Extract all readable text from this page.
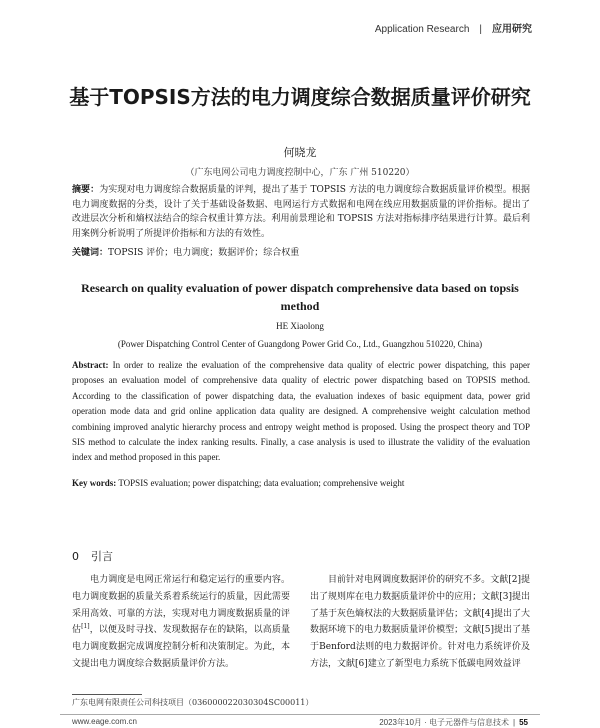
Application Research | 应用研究
基于TOPSIS方法的电力调度综合数据质量评价研究
何晓龙
（广东电网公司电力调度控制中心，广东 广州 510220）
摘要：为实现对电力调度综合数据质量的评判，提出了基于 TOPSIS 方法的电力调度综合数据质量评价模型。根据电力调度数据的分类，设计了关于基础设备数据、电网运行方式数据和电网在线应用数据质量的评价指标。提出了改进层次分析和熵权法结合的综合权重计算方法。利用前景理论和 TOPSIS 方法对指标排序结果进行计算。最后利用案例分析说明了所提评价指标和方法的有效性。
关键词：TOPSIS 评价；电力调度；数据评价；综合权重
Research on quality evaluation of power dispatch comprehensive data based on topsis method
HE Xiaolong
(Power Dispatching Control Center of Guangdong Power Grid Co., Ltd., Guangzhou 510220, China)
Abstract: In order to realize the evaluation of the comprehensive data quality of electric power dispatching, this paper proposes an evaluation model of comprehensive data quality of electric power dispatching based on TOPSIS method. According to the classification of power dispatching data, the evaluation indexes of basic equipment data, power grid operation mode data and grid online application data quality are designed. A comprehensive weight calculation method combining improved analytic hierarchy process and entropy weight method is proposed. Using the prospect theory and TOP SIS method to calculate the index ranking results. Finally, a case analysis is used to illustrate the validity of the evaluation index and method proposed in this paper.
Key words: TOPSIS evaluation; power dispatching; data evaluation; comprehensive weight
0 引言
电力调度是电网正常运行和稳定运行的重要内容。电力调度数据的质量关系着系统运行的质量，因此需要采用高效、可靠的方法，实现对电力调度数据质量的评估[1]，以便及时寻找、发现数据存在的缺陷，以高质量电力调度数据完成调度控制分析和决策制定。为此，本文提出电力调度综合数据质量评价方法。
目前针对电网调度数据评价的研究不多。文献[2]提出了规则库在电力数据质量评价中的应用；文献[3]提出了基于灰色熵权法的大数据质量评估；文献[4]提出了大数据环境下的电力数据质量评价模型；文献[5]提出了基于Benford法则的电力数据评价。针对电力系统评价及方法，文献[6]建立了新型电力系统下低碳电网效益评
广东电网有限责任公司科技项目（036000022030304SC00011）
www.eage.com.cn	2023年10月 · 电子元器件与信息技术 | 55
